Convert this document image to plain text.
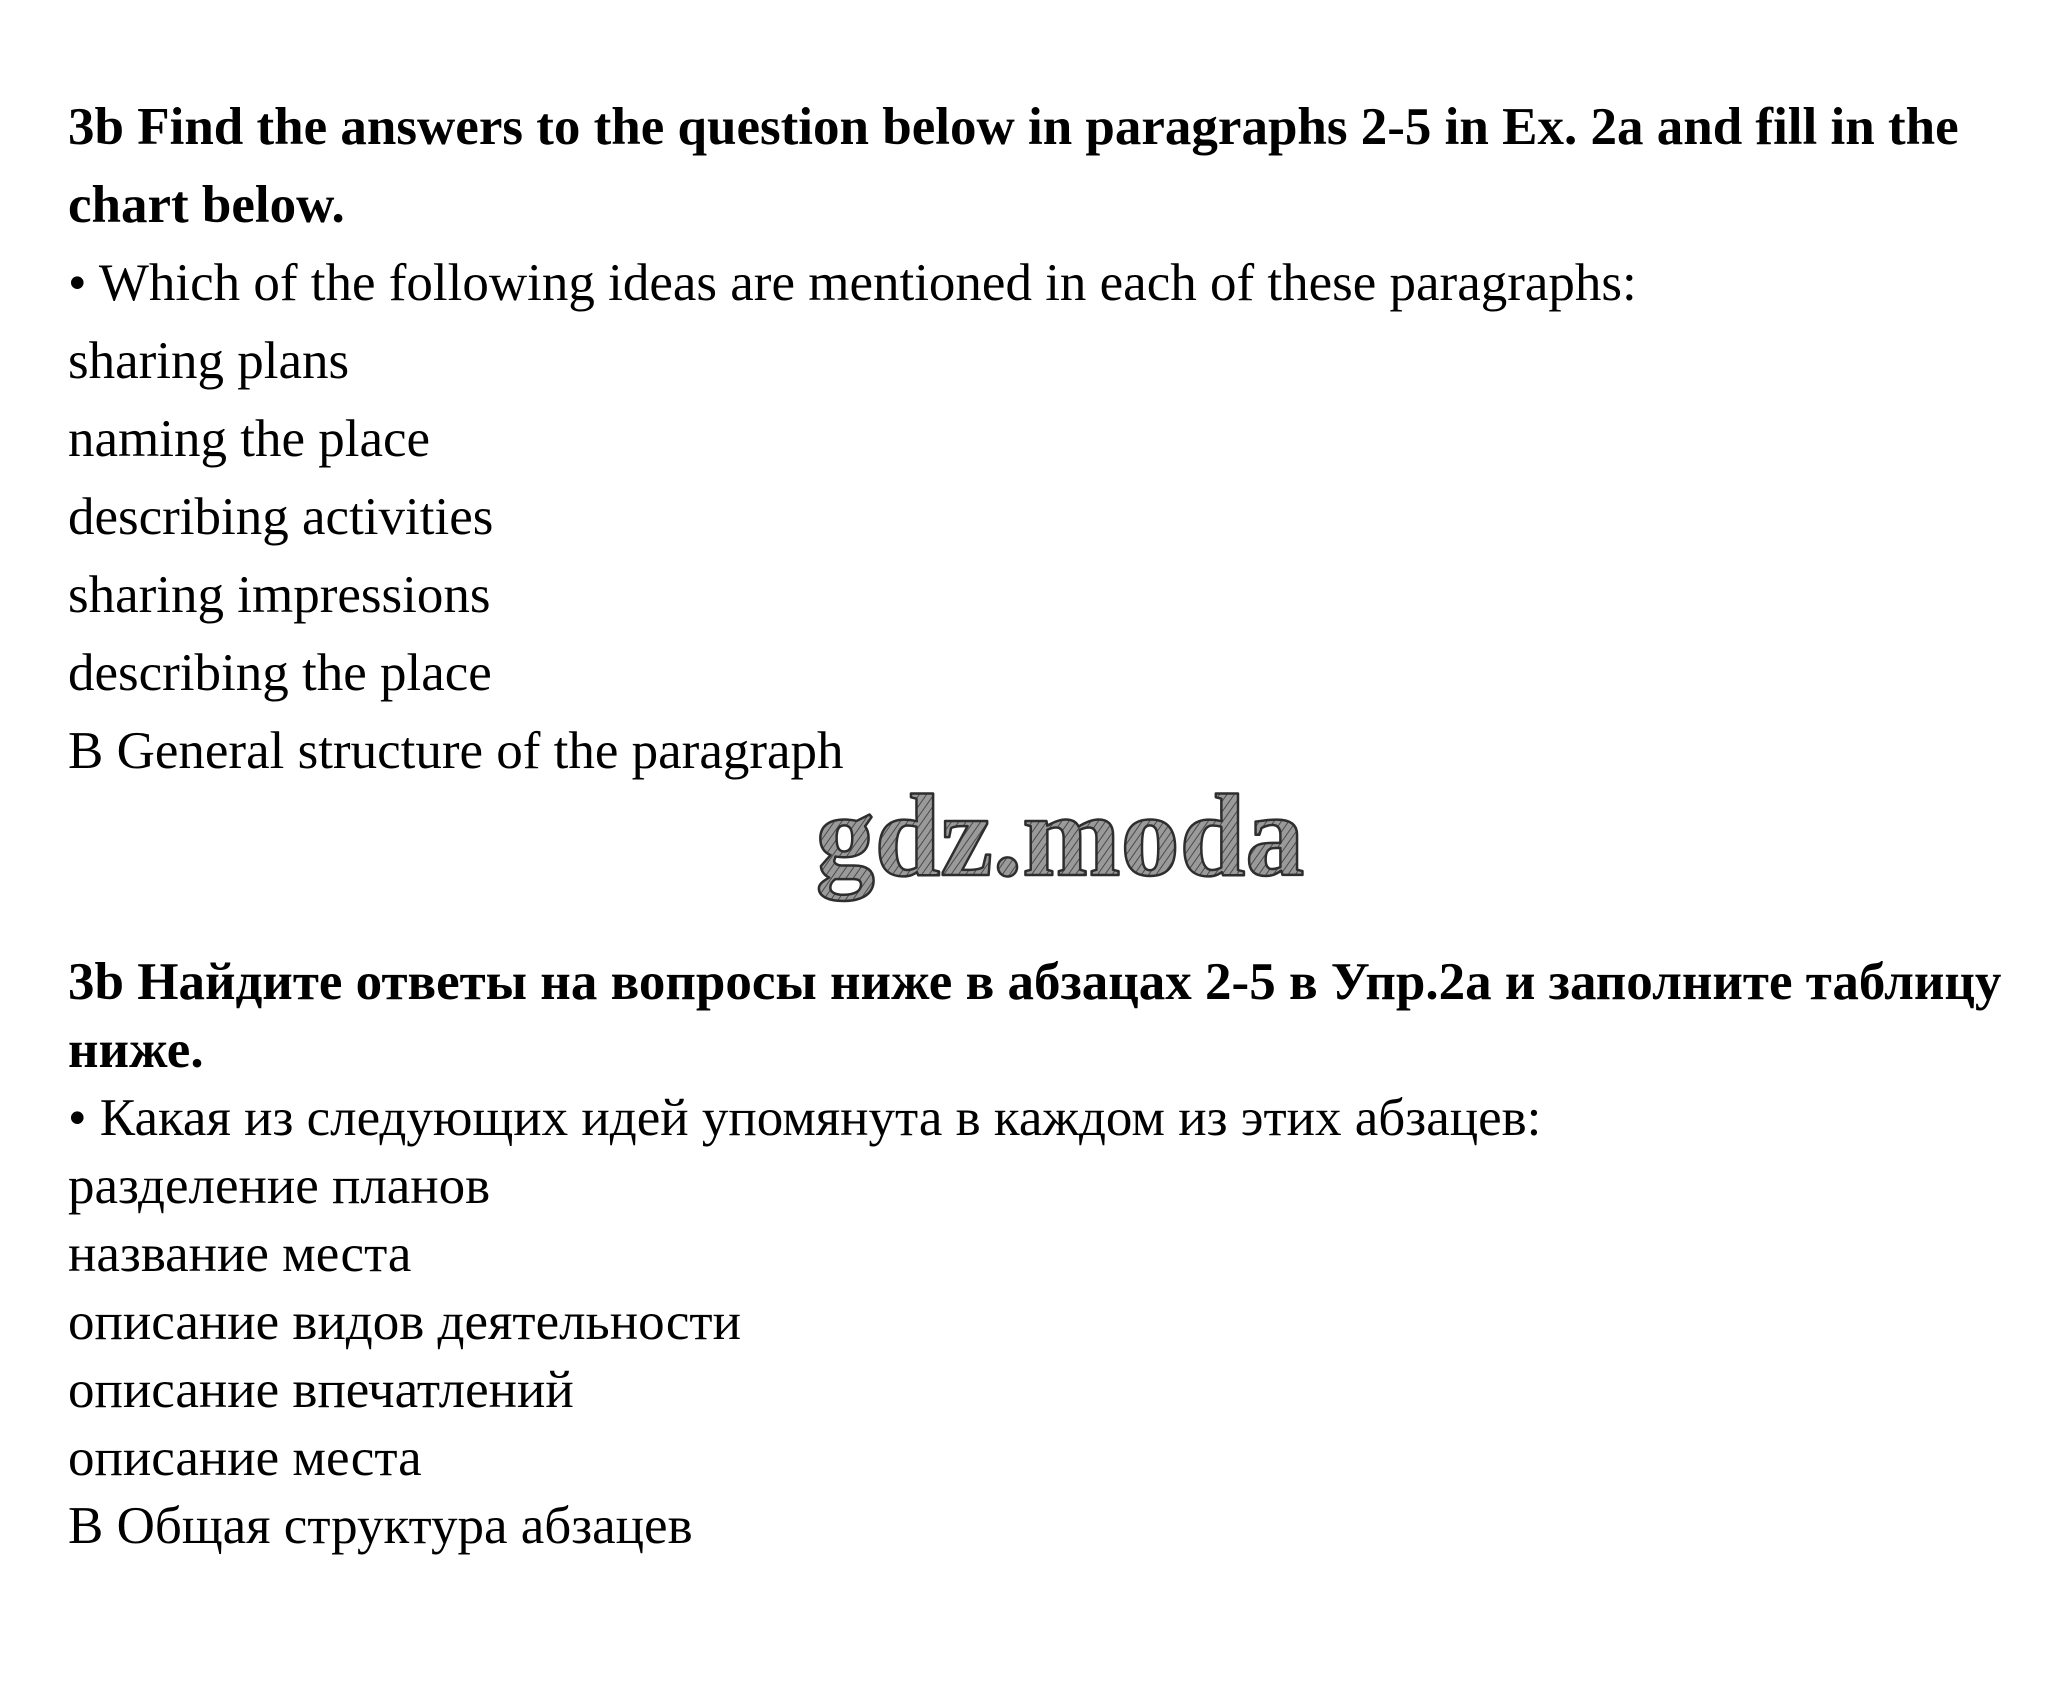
3b Find the answers to the question below in paragraphs 2-5 in Ex. 2a and fill in the chart below.

• Which of the following ideas are mentioned in each of these paragraphs:

sharing plans

naming the place

describing activities

sharing impressions

describing the place

B General structure of the paragraph

gdz.moda

3b Найдите ответы на вопросы ниже в абзацах 2-5 в Упр.2а и заполните таблицу ниже.

• Какая из следующих идей упомянута в каждом из этих абзацев:

разделение планов

название места

описание видов деятельности

описание впечатлений

описание места

B Общая структура абзацев
